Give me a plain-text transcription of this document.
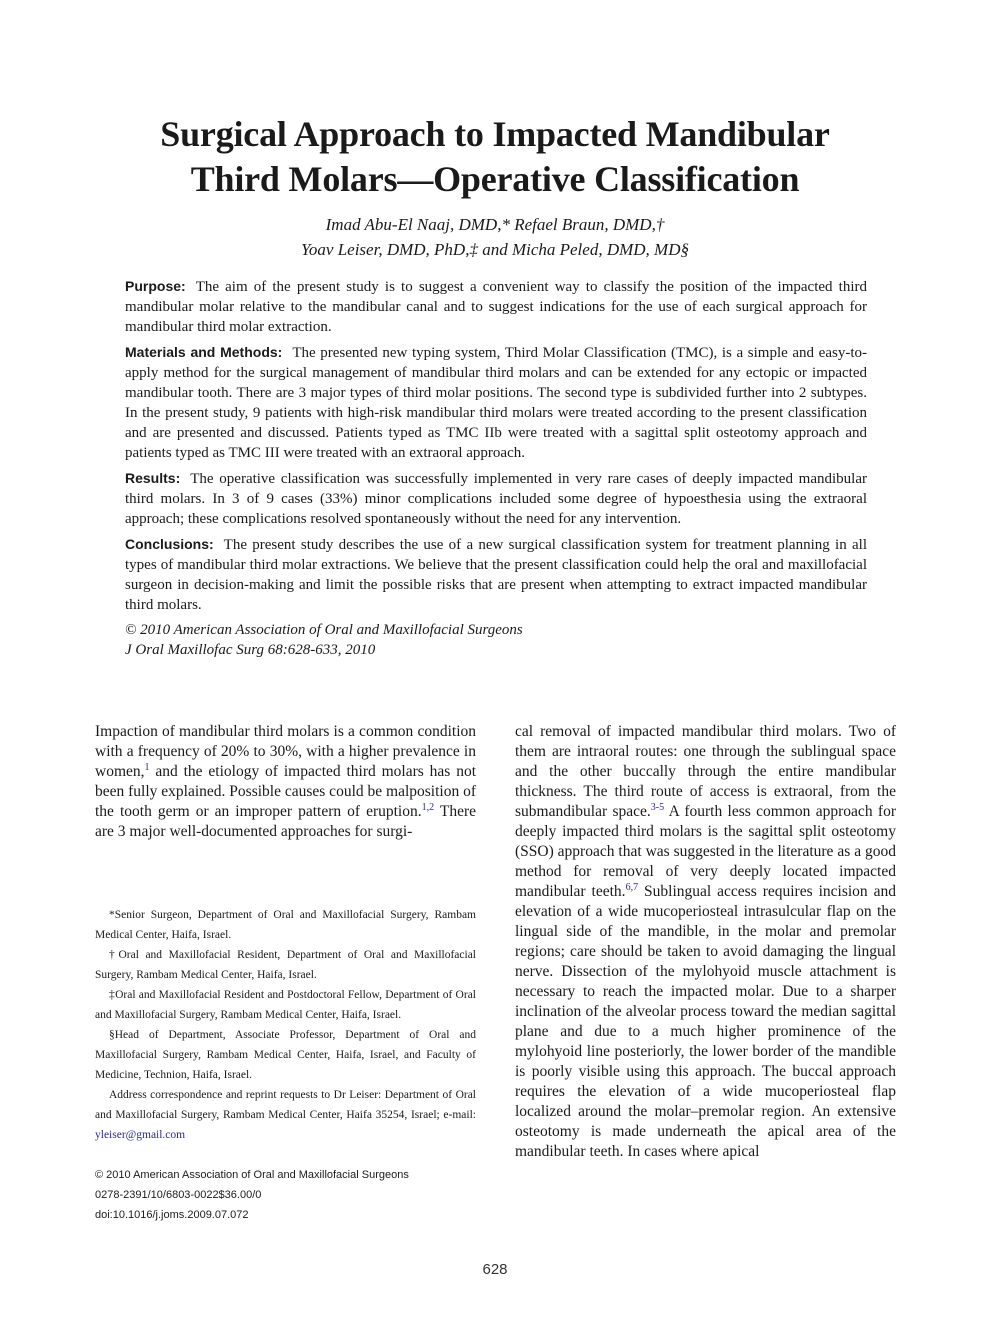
Surgical Approach to Impacted Mandibular
Third Molars—Operative Classification
Imad Abu-El Naaj, DMD,* Refael Braun, DMD,†
Yoav Leiser, DMD, PhD,‡ and Micha Peled, DMD, MD§

Purpose: The aim of the present study is to suggest a convenient way to classify the position of the impacted third mandibular molar relative to the mandibular canal and to suggest indications for the use of each surgical approach for mandibular third molar extraction.

Materials and Methods: The presented new typing system, Third Molar Classification (TMC), is a simple and easy-to-apply method for the surgical management of mandibular third molars and can be extended for any ectopic or impacted mandibular tooth. There are 3 major types of third molar positions. The second type is subdivided further into 2 subtypes. In the present study, 9 patients with high-risk mandibular third molars were treated according to the present classification and are presented and discussed. Patients typed as TMC IIb were treated with a sagittal split osteotomy approach and patients typed as TMC III were treated with an extraoral approach.

Results: The operative classification was successfully implemented in very rare cases of deeply impacted mandibular third molars. In 3 of 9 cases (33%) minor complications included some degree of hypoesthesia using the extraoral approach; these complications resolved spontaneously without the need for any intervention.

Conclusions: The present study describes the use of a new surgical classification system for treatment planning in all types of mandibular third molar extractions. We believe that the present classification could help the oral and maxillofacial surgeon in decision-making and limit the possible risks that are present when attempting to extract impacted mandibular third molars.

© 2010 American Association of Oral and Maxillofacial Surgeons

J Oral Maxillofac Surg 68:628-633, 2010

Impaction of mandibular third molars is a common condition with a frequency of 20% to 30%, with a higher prevalence in women,$^1$ and the etiology of impacted third molars has not been fully explained. Possible causes could be malposition of the tooth germ or an improper pattern of eruption.$^{1,2}$ There are 3 major well-documented approaches for surgi-

*Senior Surgeon, Department of Oral and Maxillofacial Surgery, Rambam Medical Center, Haifa, Israel.

†Oral and Maxillofacial Resident, Department of Oral and Maxillofacial Surgery, Rambam Medical Center, Haifa, Israel.

‡Oral and Maxillofacial Resident and Postdoctoral Fellow, Department of Oral and Maxillofacial Surgery, Rambam Medical Center, Haifa, Israel.

§Head of Department, Associate Professor, Department of Oral and Maxillofacial Surgery, Rambam Medical Center, Haifa, Israel, and Faculty of Medicine, Technion, Haifa, Israel.

Address correspondence and reprint requests to Dr Leiser: Department of Oral and Maxillofacial Surgery, Rambam Medical Center, Haifa 35254, Israel; e-mail: yleiser@gmail.com

© 2010 American Association of Oral and Maxillofacial Surgeons
0278-2391/10/6803-0022$36.00/0
doi:10.1016/j.joms.2009.07.072

cal removal of impacted mandibular third molars. Two of them are intraoral routes: one through the sublingual space and the other buccally through the entire mandibular thickness. The third route of access is extraoral, from the submandibular space.$^{3-5}$ A fourth less common approach for deeply impacted third molars is the sagittal split osteotomy (SSO) approach that was suggested in the literature as a good method for removal of very deeply located impacted mandibular teeth.$^{6,7}$ Sublingual access requires incision and elevation of a wide mucoperiosteal intrasulcular flap on the lingual side of the mandible, in the molar and premolar regions; care should be taken to avoid damaging the lingual nerve. Dissection of the mylohyoid muscle attachment is necessary to reach the impacted molar. Due to a sharper inclination of the alveolar process toward the median sagittal plane and due to a much higher prominence of the mylohyoid line posteriorly, the lower border of the mandible is poorly visible using this approach. The buccal approach requires the elevation of a wide mucoperiosteal flap localized around the molar–premolar region. An extensive osteotomy is made underneath the apical area of the mandibular teeth. In cases where apical

628
